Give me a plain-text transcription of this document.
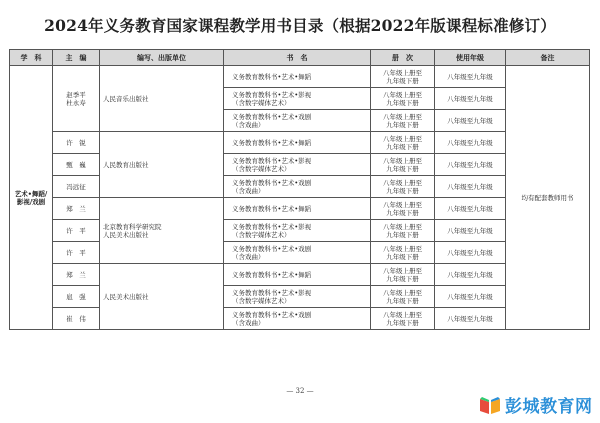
2024年义务教育国家课程教学用书目录（根据2022年版课程标准修订）
学　科	主　编	编写、出版单位	书　名	册　次	使用年级	备注
艺术•舞蹈/影视/戏剧	赵季平
杜永寿	人民音乐出版社	义务教育教科书•艺术•舞蹈	八年级上册至
九年级下册	八年级至九年级	均有配套教师用书
			义务教育教科书•艺术•影视
（含数字媒体艺术）	八年级上册至
九年级下册	八年级至九年级	
			义务教育教科书•艺术•戏剧
（含戏曲）	八年级上册至
九年级下册	八年级至九年级	
	许　锐	人民教育出版社	义务教育教科书•艺术•舞蹈	八年级上册至
九年级下册	八年级至九年级	
	甄　巍		义务教育教科书•艺术•影视
（含数字媒体艺术）	八年级上册至
九年级下册	八年级至九年级	
	冯远征		义务教育教科书•艺术•戏剧
（含戏曲）	八年级上册至
九年级下册	八年级至九年级	
	郑　兰	北京教育科学研究院
人民美术出版社	义务教育教科书•艺术•舞蹈	八年级上册至
九年级下册	八年级至九年级	
	许　平		义务教育教科书•艺术•影视
（含数字媒体艺术）	八年级上册至
九年级下册	八年级至九年级	
	许　平		义务教育教科书•艺术•戏剧
（含戏曲）	八年级上册至
九年级下册	八年级至九年级	
	郑　兰	人民美术出版社	义务教育教科书•艺术•舞蹈	八年级上册至
九年级下册	八年级至九年级	
	扈　强		义务教育教科书•艺术•影视
（含数字媒体艺术）	八年级上册至
九年级下册	八年级至九年级	
	崔　伟		义务教育教科书•艺术•戏剧
（含戏曲）	八年级上册至
九年级下册	八年级至九年级	
— 32 —
彭城教育网
